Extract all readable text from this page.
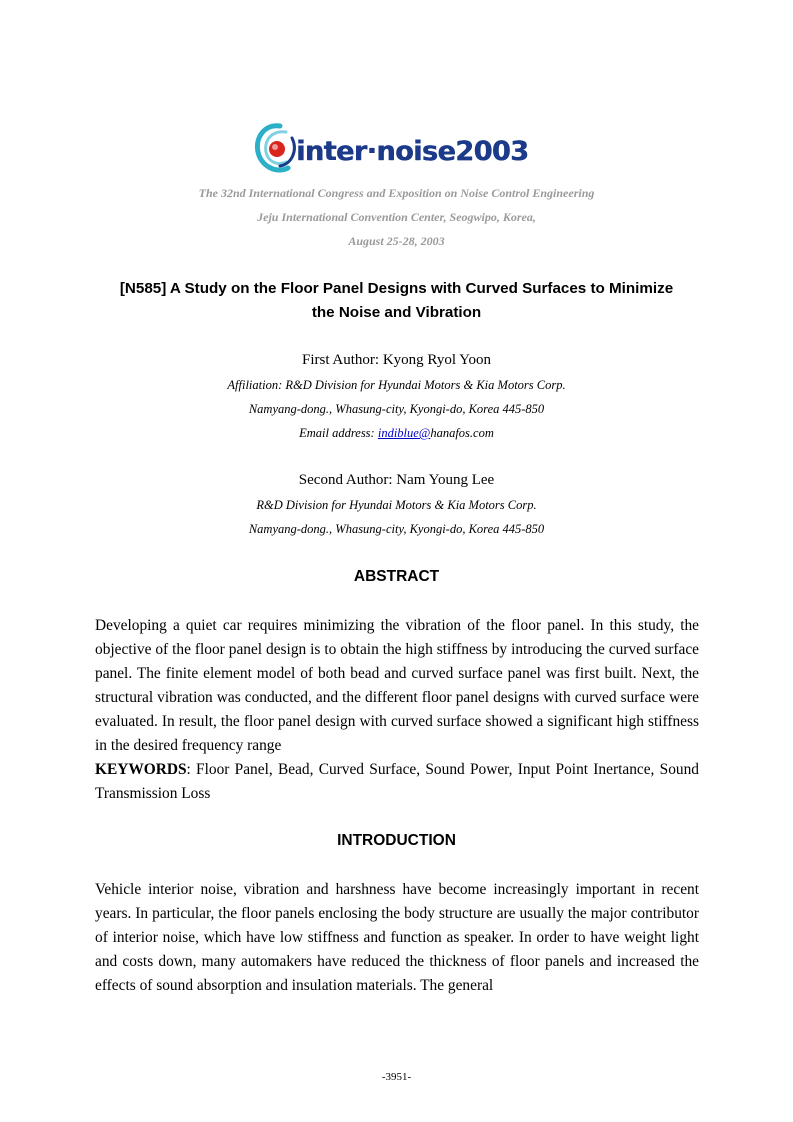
inter·noise2003
The 32nd International Congress and Exposition on Noise Control Engineering
Jeju International Convention Center, Seogwipo, Korea,
August 25-28, 2003
[N585] A Study on the Floor Panel Designs with Curved Surfaces to Minimize
the Noise and Vibration
First Author: Kyong Ryol Yoon
Affiliation: R&D Division for Hyundai Motors & Kia Motors Corp.
Namyang-dong., Whasung-city, Kyongi-do, Korea 445-850
Email address: indiblue@hanafos.com
Second Author: Nam Young Lee
R&D Division for Hyundai Motors & Kia Motors Corp.
Namyang-dong., Whasung-city, Kyongi-do, Korea 445-850
ABSTRACT

Developing a quiet car requires minimizing the vibration of the floor panel. In this study, the objective of the floor panel design is to obtain the high stiffness by introducing the curved surface panel. The finite element model of both bead and curved surface panel was first built. Next, the structural vibration was conducted, and the different floor panel designs with curved surface were evaluated. In result, the floor panel design with curved surface showed a significant high stiffness in the desired frequency range

KEYWORDS: Floor Panel, Bead, Curved Surface, Sound Power, Input Point Inertance, Sound Transmission Loss

INTRODUCTION

Vehicle interior noise, vibration and harshness have become increasingly important in recent years. In particular, the floor panels enclosing the body structure are usually the major contributor of interior noise, which have low stiffness and function as speaker. In order to have weight light and costs down, many automakers have reduced the thickness of floor panels and increased the effects of sound absorption and insulation materials. The general

-3951-
